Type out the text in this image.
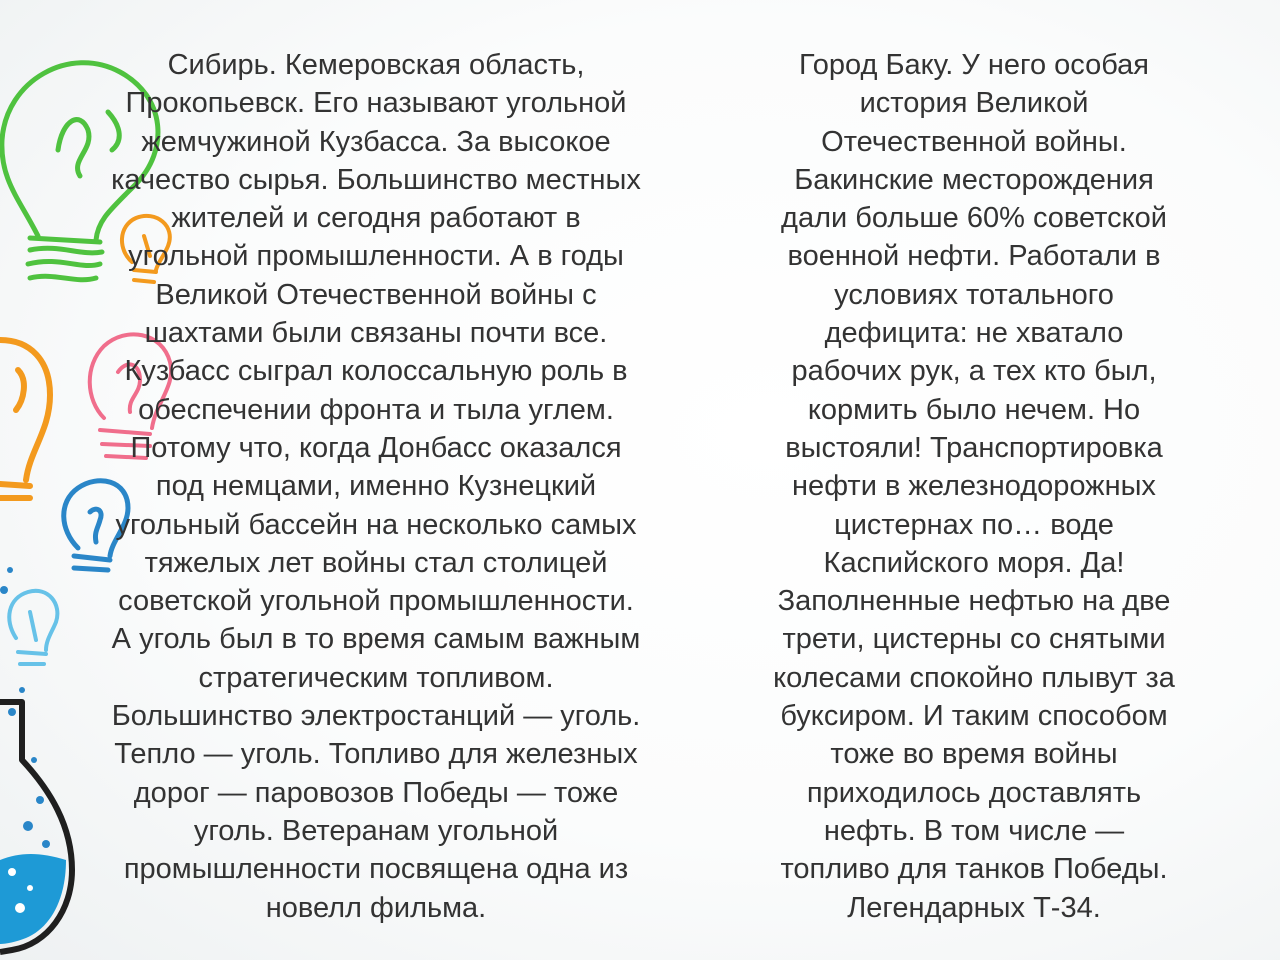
Сибирь. Кемеровская область,
Прокопьевск. Его называют угольной
жемчужиной Кузбасса. За высокое
качество сырья. Большинство местных
жителей и сегодня работают в
угольной промышленности. А в годы
Великой Отечественной войны с
шахтами были связаны почти все.
Кузбасс сыграл колоссальную роль в
обеспечении фронта и тыла углем.
Потому что, когда Донбасс оказался
под немцами, именно Кузнецкий
угольный бассейн на несколько самых
тяжелых лет войны стал столицей
советской угольной промышленности.
А уголь был в то время самым важным
стратегическим топливом.
Большинство электростанций — уголь.
Тепло — уголь. Топливо для железных
дорог — паровозов Победы — тоже
уголь. Ветеранам угольной
промышленности посвящена одна из
новелл фильма.
Город Баку. У него особая
история Великой
Отечественной войны.
Бакинские месторождения
дали больше 60% советской
военной нефти. Работали в
условиях тотального
дефицита: не хватало
рабочих рук, а тех кто был,
кормить было нечем. Но
выстояли! Транспортировка
нефти в железнодорожных
цистернах по… воде
Каспийского моря. Да!
Заполненные нефтью на две
трети, цистерны со снятыми
колесами спокойно плывут за
буксиром. И таким способом
тоже во время войны
приходилось доставлять
нефть. В том числе —
топливо для танков Победы.
Легендарных Т-34.
